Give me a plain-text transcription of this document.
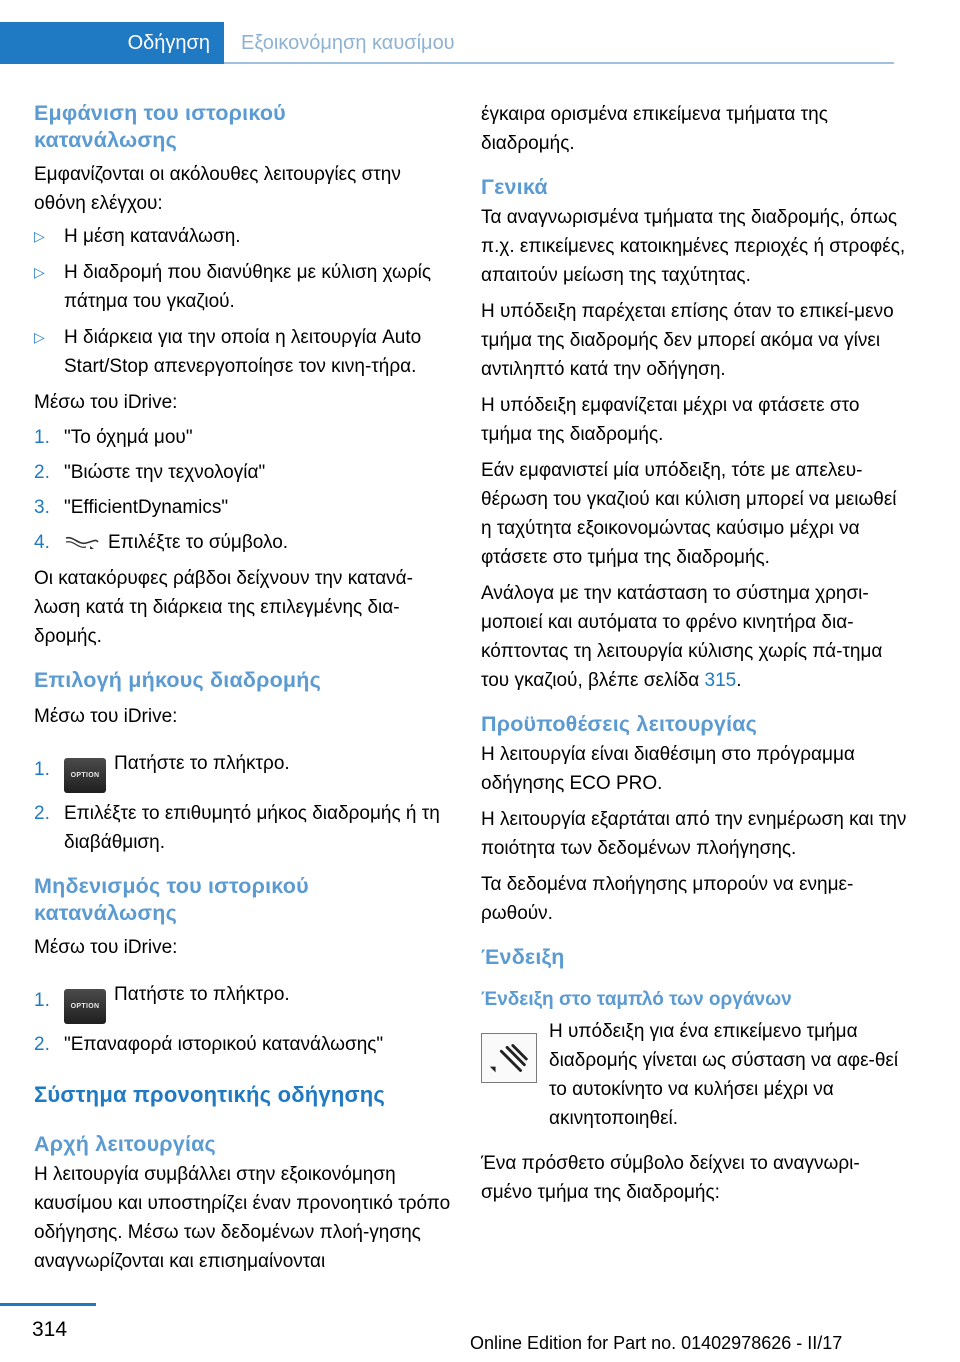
Οδήγηση	Εξοικονόμηση καυσίμου
Εμφάνιση του ιστορικού κατανάλωσης

Εμφανίζονται οι ακόλουθες λειτουργίες στην οθόνη ελέγχου:

▷	Η μέση κατανάλωση.
▷	Η διαδρομή που διανύθηκε με κύλιση χωρίς πάτημα του γκαζιού.
▷	Η διάρκεια για την οποία η λειτουργία Auto Start/Stop απενεργοποίησε τον κινη‐τήρα.

Μέσω του iDrive:

1. "Το όχημά μου"
2. "Βιώστε την τεχνολογία"
3. "EfficientDynamics"
4.	Επιλέξτε το σύμβολο.

Οι κατακόρυφες ράβδοι δείχνουν την κατανά‐λωση κατά τη διάρκεια της επιλεγμένης δια‐δρομής.

Επιλογή μήκους διαδρομής

Μέσω του iDrive:

1.	OPTIONΠατήστε το πλήκτρο.
2. Επιλέξτε το επιθυμητό μήκος διαδρομής ή τη διαβάθμιση.
Μηδενισμός του ιστορικού κατανάλωσης

Μέσω του iDrive:

1.	OPTIONΠατήστε το πλήκτρο.
2. "Επαναφορά ιστορικού κατανάλωσης"
Σύστημα προνοητικής οδήγησης
Αρχή λειτουργίας

Η λειτουργία συμβάλλει στην εξοικονόμηση καυσίμου και υποστηρίζει έναν προνοητικό τρόπο οδήγησης. Μέσω των δεδομένων πλοή‐γησης αναγνωρίζονται και επισημαίνονται

έγκαιρα ορισμένα επικείμενα τμήματα της διαδρομής.

Γενικά

Τα αναγνωρισμένα τμήματα της διαδρομής, όπως π.χ. επικείμενες κατοικημένες περιοχές ή στροφές, απαιτούν μείωση της ταχύτητας.

Η υπόδειξη παρέχεται επίσης όταν το επικεί‐μενο τμήμα της διαδρομής δεν μπορεί ακόμα να γίνει αντιληπτό κατά την οδήγηση.

Η υπόδειξη εμφανίζεται μέχρι να φτάσετε στο τμήμα της διαδρομής.

Εάν εμφανιστεί μία υπόδειξη, τότε με απελευ‐θέρωση του γκαζιού και κύλιση μπορεί να μειωθεί η ταχύτητα εξοικονομώντας καύσιμο μέχρι να φτάσετε στο τμήμα της διαδρομής.

Ανάλογα με την κατάσταση το σύστημα χρησι‐μοποιεί και αυτόματα το φρένο κινητήρα δια‐κόπτοντας τη λειτουργία κύλισης χωρίς πά‐τημα του γκαζιού, βλέπε σελίδα 315.

Προϋποθέσεις λειτουργίας

Η λειτουργία είναι διαθέσιμη στο πρόγραμμα οδήγησης ECO PRO.

Η λειτουργία εξαρτάται από την ενημέρωση και την ποιότητα των δεδομένων πλοήγησης.

Τα δεδομένα πλοήγησης μπορούν να ενημε‐ρωθούν.

Ένδειξη
Ένδειξη στο ταμπλό των οργάνων

Η υπόδειξη για ένα επικείμενο τμήμα διαδρομής γίνεται ως σύσταση να αφε‐θεί το αυτοκίνητο να κυλήσει μέχρι να ακινητοποιηθεί.

Ένα πρόσθετο σύμβολο δείχνει το αναγνωρι‐σμένο τμήμα της διαδρομής:

314
Online Edition for Part no. 01402978626 - II/17
